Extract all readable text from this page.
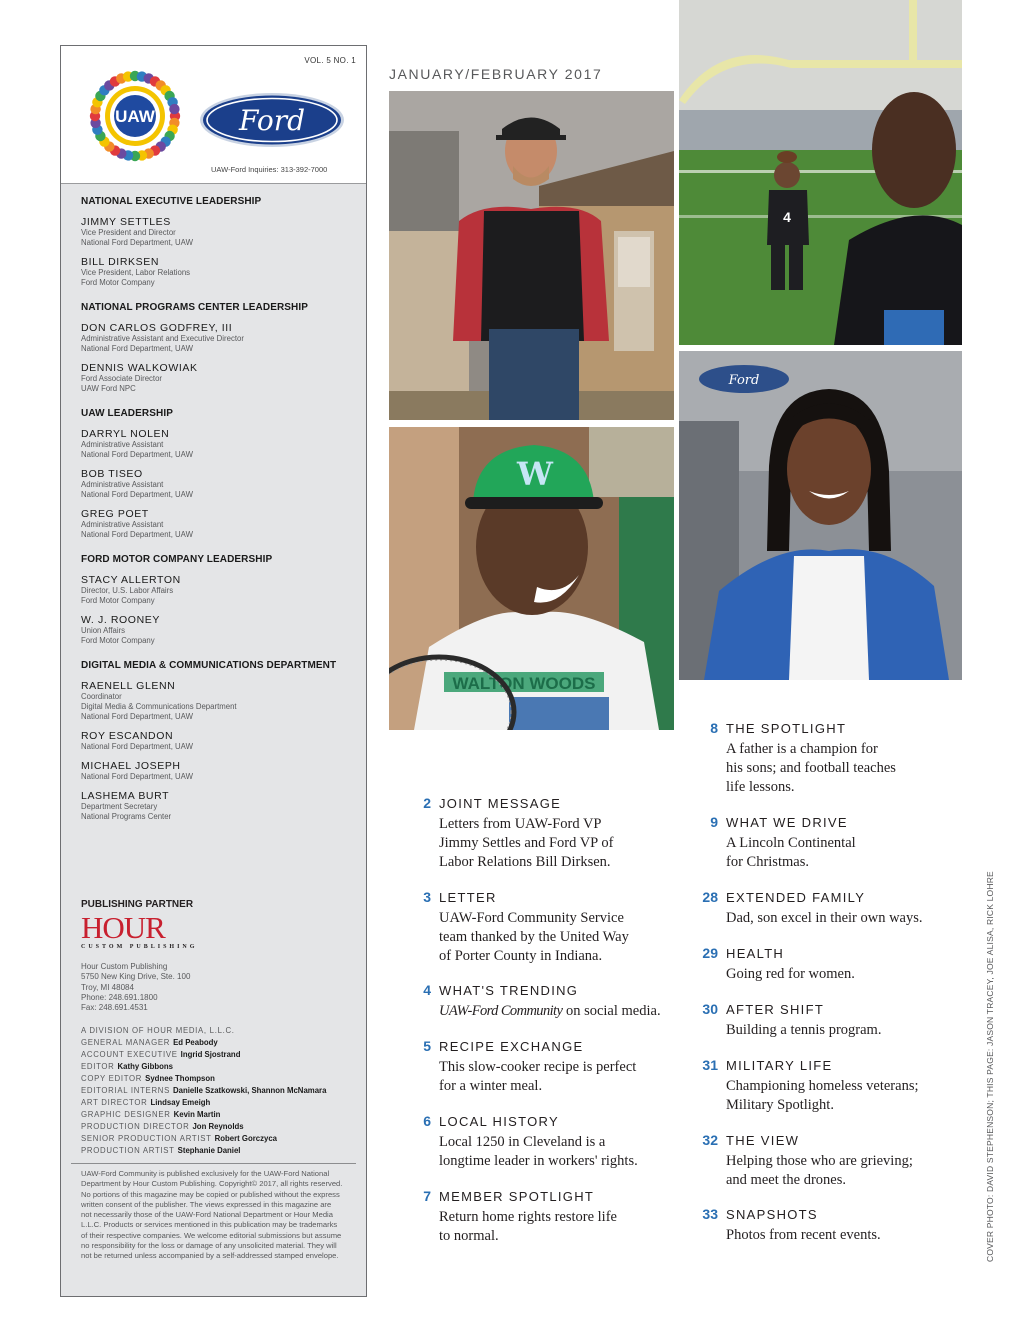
VOL. 5 NO. 1
UAW	Ford
UAW-Ford Inquiries: 313-392-7000
NATIONAL EXECUTIVE LEADERSHIP
JIMMY SETTLES
Vice President and Director
National Ford Department, UAW
BILL DIRKSEN
Vice President, Labor Relations
Ford Motor Company
NATIONAL PROGRAMS CENTER LEADERSHIP
DON CARLOS GODFREY, III
Administrative Assistant and Executive Director
National Ford Department, UAW
DENNIS WALKOWIAK
Ford Associate Director
UAW Ford NPC
UAW LEADERSHIP
DARRYL NOLEN
Administrative Assistant
National Ford Department, UAW
BOB TISEO
Administrative Assistant
National Ford Department, UAW
GREG POET
Administrative Assistant
National Ford Department, UAW
FORD MOTOR COMPANY LEADERSHIP
STACY ALLERTON
Director, U.S. Labor Affairs
Ford Motor Company
W. J. ROONEY
Union Affairs
Ford Motor Company
DIGITAL MEDIA & COMMUNICATIONS DEPARTMENT
RAENELL GLENN
Coordinator
Digital Media & Communications Department
National Ford Department, UAW
ROY ESCANDON
National Ford Department, UAW
MICHAEL JOSEPH
National Ford Department, UAW
LASHEMA BURT
Department Secretary
National Programs Center
PUBLISHING PARTNER
HOUR
CUSTOM PUBLISHING
Hour Custom Publishing
5750 New King Drive, Ste. 100
Troy, MI 48084
Phone: 248.691.1800
Fax: 248.691.4531
A DIVISION OF HOUR MEDIA, L.L.C.
GENERAL MANAGER Ed Peabody
ACCOUNT EXECUTIVE Ingrid Sjostrand
EDITOR Kathy Gibbons
COPY EDITOR Sydnee Thompson
EDITORIAL INTERNS Danielle Szatkowski, Shannon McNamara
ART DIRECTOR Lindsay Emeigh
GRAPHIC DESIGNER Kevin Martin
PRODUCTION DIRECTOR Jon Reynolds
SENIOR PRODUCTION ARTIST Robert Gorczyca
PRODUCTION ARTIST Stephanie Daniel
UAW-Ford Community is published exclusively for the UAW-Ford National Department by Hour Custom Publishing. Copyright© 2017, all rights reserved. No portions of this magazine may be copied or published without the express written consent of the publisher. The views expressed in this magazine are not necessarily those of the UAW-Ford National Department or Hour Media L.L.C. Products or services mentioned in this publication may be trademarks of their respective companies. We welcome editorial submissions but assume no responsibility for the loss or damage of any unsolicited material. They will not be returned unless accompanied by a self-addressed stamped envelope.
JANUARY/FEBRUARY 2017
4
WALTON WOODS
W
Ford
2 JOINT MESSAGE
Letters from UAW-Ford VP
Jimmy Settles and Ford VP of
Labor Relations Bill Dirksen.
3 LETTER
UAW-Ford Community Service
team thanked by the United Way
of Porter County in Indiana.
4 WHAT'S TRENDING
UAW-Ford Community on social media.
5 RECIPE EXCHANGE
This slow-cooker recipe is perfect
for a winter meal.
6 LOCAL HISTORY
Local 1250 in Cleveland is a
longtime leader in workers' rights.
7 MEMBER SPOTLIGHT
Return home rights restore life
to normal.
8 THE SPOTLIGHT
A father is a champion for
his sons; and football teaches
life lessons.
9 WHAT WE DRIVE
A Lincoln Continental
for Christmas.
28 EXTENDED FAMILY
Dad, son excel in their own ways.
29 HEALTH
Going red for women.
30 AFTER SHIFT
Building a tennis program.
31 MILITARY LIFE
Championing homeless veterans;
Military Spotlight.
32 THE VIEW
Helping those who are grieving;
and meet the drones.
33 SNAPSHOTS
Photos from recent events.	COVER PHOTO: DAVID STEPHENSON; THIS PAGE: JASON TRACEY, JOE ALISA, RICK LOHRE
